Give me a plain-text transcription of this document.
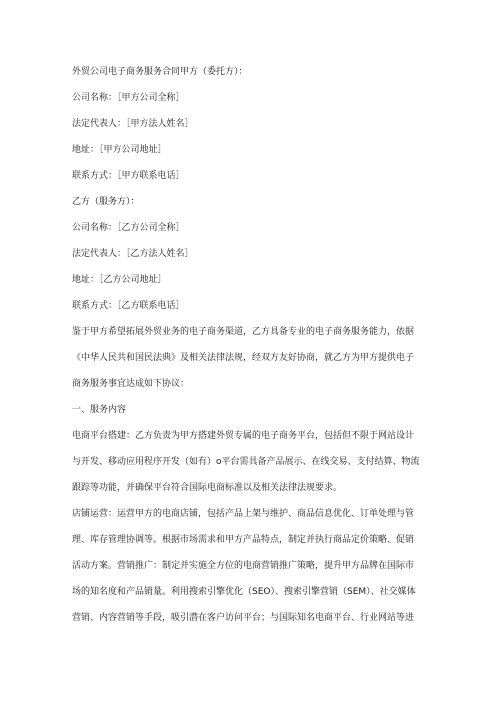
外贸公司电子商务服务合同甲方（委托方）：

公司名称：［甲方公司全称］

法定代表人：［甲方法人姓名］

地址：［甲方公司地址］

联系方式：［甲方联系电话］

乙方（服务方）：

公司名称：［乙方公司全称］

法定代表人：［乙方法人姓名］

地址：［乙方公司地址］

联系方式：［乙方联系电话］

鉴于甲方希望拓展外贸业务的电子商务渠道，乙方具备专业的电子商务服务能力，依据

《中华人民共和国民法典》及相关法律法规，经双方友好协商，就乙方为甲方提供电子

商务服务事宜达成如下协议：

一、服务内容

电商平台搭建：乙方负责为甲方搭建外贸专属的电子商务平台，包括但不限于网站设计

与开发、移动应用程序开发（如有）o平台需具备产品展示、在线交易、支付结算、物流

跟踪等功能，并确保平台符合国际电商标准以及相关法律法规要求。

店铺运营：运营甲方的电商店铺，包括产品上架与维护、商品信息优化、订单处理与管

理、库存管理协调等。根据市场需求和甲方产品特点，制定并执行商品定价策略、促销

活动方案。营销推广：制定并实施全方位的电商营销推广策略，提升甲方品牌在国际市

场的知名度和产品销量。利用搜索引擎优化（SEO）、搜索引擎营销（SEM）、社交媒体

营销、内容营销等手段，吸引潜在客户访问平台；与国际知名电商平台、行业网站等进
